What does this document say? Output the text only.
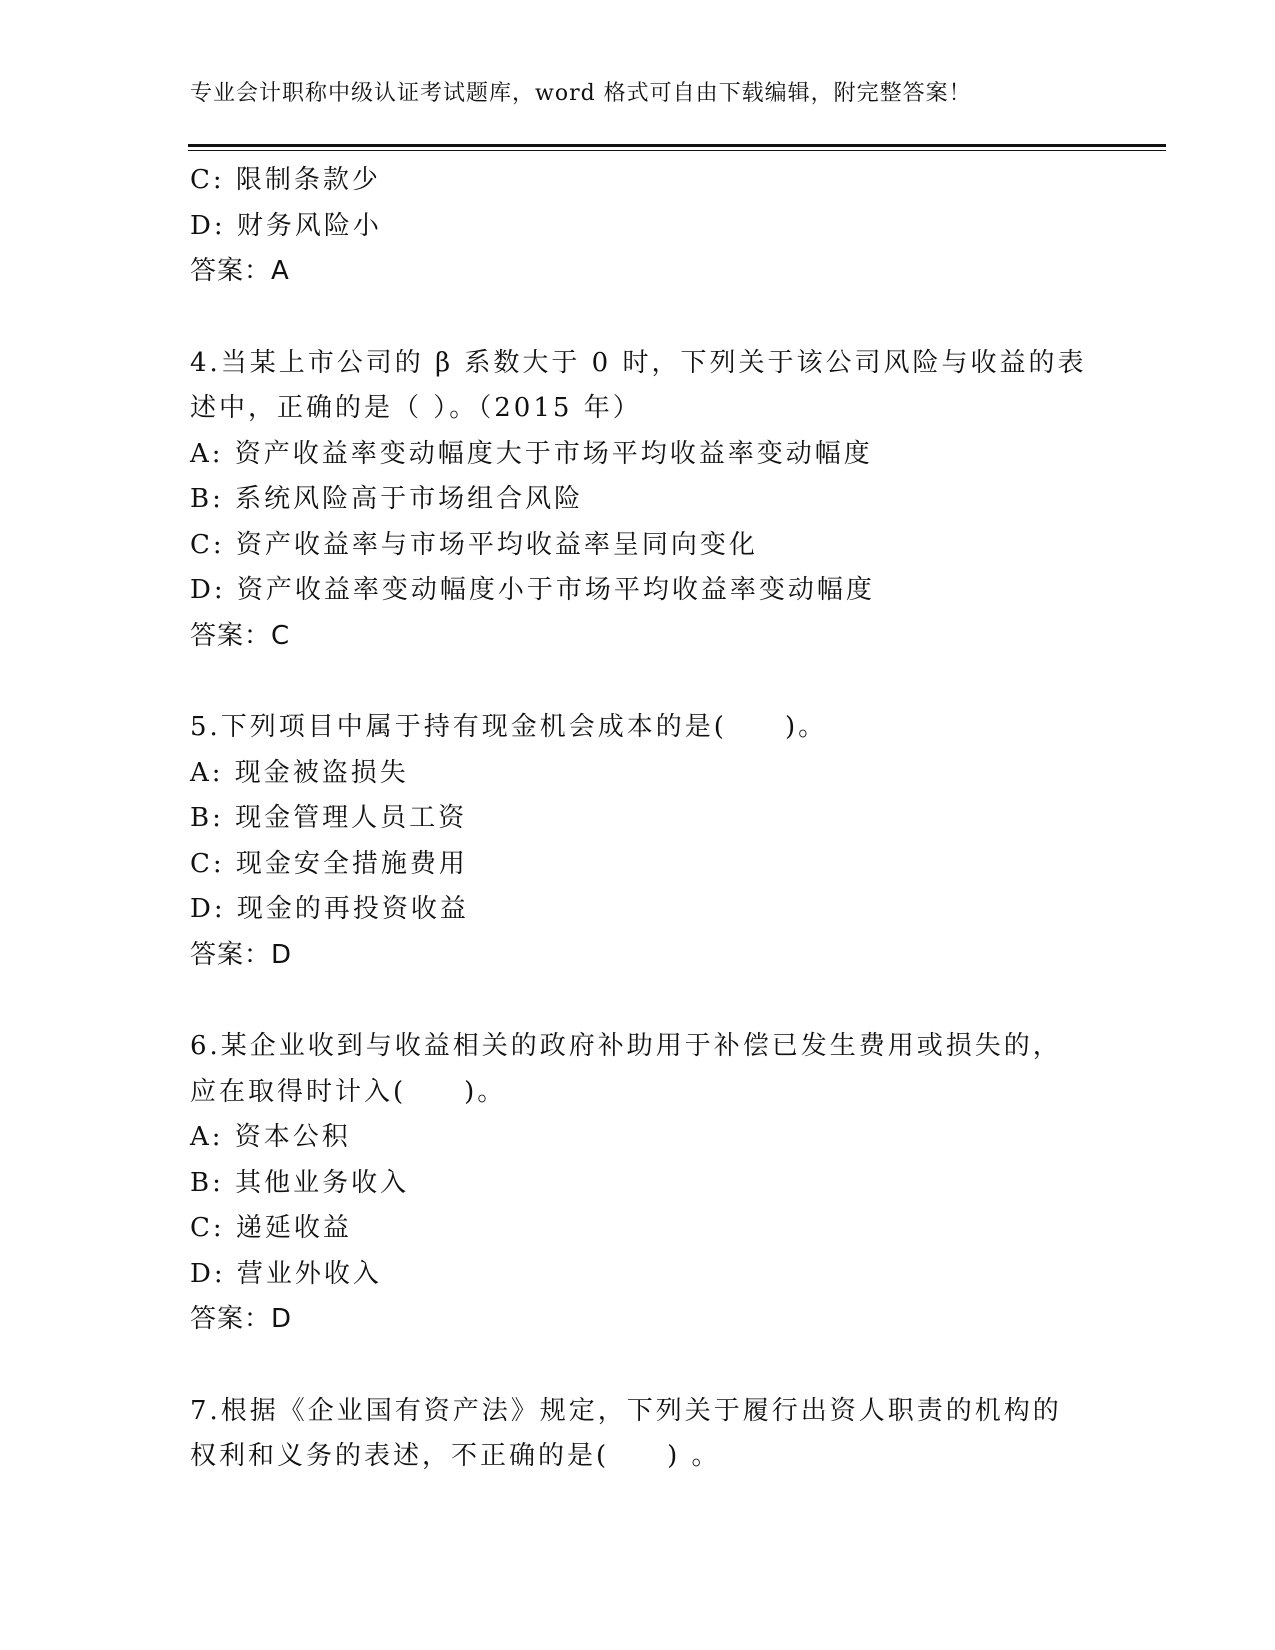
专业会计职称中级认证考试题库，word 格式可自由下载编辑，附完整答案！
C: 限制条款少
D: 财务风险小
答案：A
4.当某上市公司的 β 系数大于 0 时，下列关于该公司风险与收益的表
述中，正确的是（ ）。（2015 年）
A: 资产收益率变动幅度大于市场平均收益率变动幅度
B: 系统风险高于市场组合风险
C: 资产收益率与市场平均收益率呈同向变化
D: 资产收益率变动幅度小于市场平均收益率变动幅度
答案：C
5.下列项目中属于持有现金机会成本的是(　　)。
A: 现金被盗损失
B: 现金管理人员工资
C: 现金安全措施费用
D: 现金的再投资收益
答案：D
6.某企业收到与收益相关的政府补助用于补偿已发生费用或损失的，
应在取得时计入(　　)。
A: 资本公积
B: 其他业务收入
C: 递延收益
D: 营业外收入
答案：D
7.根据《企业国有资产法》规定，下列关于履行出资人职责的机构的
权利和义务的表述，不正确的是(　　) 。
